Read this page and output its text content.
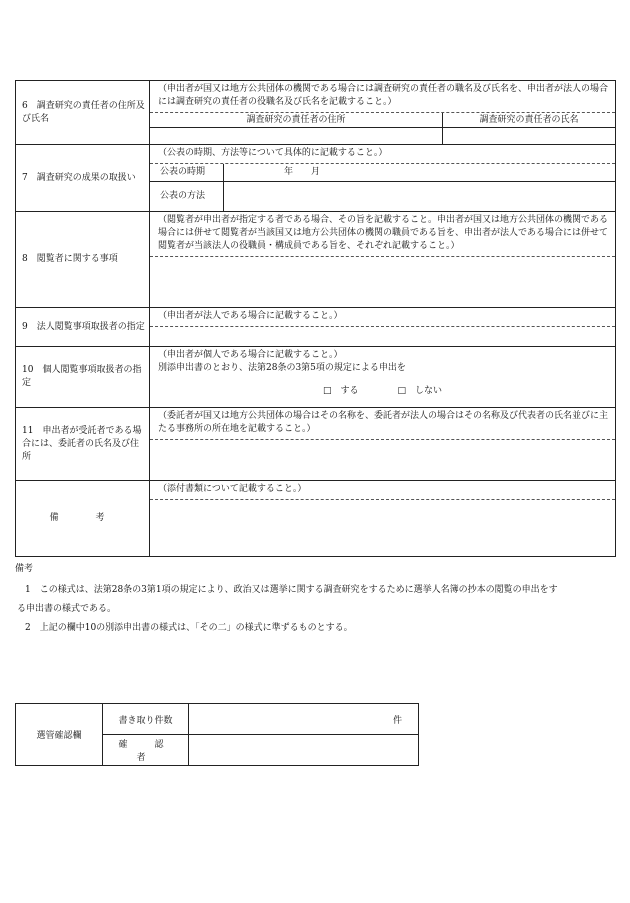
6　調査研究の責任者の住所及び氏名	（申出者が国又は地方公共団体の機関である場合には調査研究の責任者の職名及び氏名を、申出者が法人の場合には調査研究の責任者の役職名及び氏名を記載すること。）
調査研究の責任者の住所 調査研究の責任者の氏名

7　調査研究の成果の取扱い	（公表の時期、方法等について具体的に記載すること。）
公表の時期 年　　月
公表の方法

8　閲覧者に関する事項	（閲覧者が申出者が指定する者である場合、その旨を記載すること。申出者が国又は地方公共団体の機関である場合には併せて閲覧者が当該国又は地方公共団体の機関の職員である旨を、申出者が法人である場合には併せて閲覧者が当該法人の役職員・構成員である旨を、それぞれ記載すること。）

9　法人閲覧事項取扱者の指定	（申出者が法人である場合に記載すること。）

10　個人閲覧事項取扱者の指定	（申出者が個人である場合に記載すること。）
別添申出書のとおり、法第28条の3第5項の規定による申出を
□　する □　しない

11　申出者が受託者である場合には、委託者の氏名及び住所	（委託者が国又は地方公共団体の場合はその名称を、委託者が法人の場合はその名称及び代表者の氏名並びに主たる事務所の所在地を記載すること。）

備　考	（添付書類について記載すること。）
備考
1　この様式は、法第28条の3第1項の規定により、政治又は選挙に関する調査研究をするために選挙人名簿の抄本の閲覧の申出をす
る申出書の様式である。
2　上記の欄中10の別添申出書の様式は、「その二」の様式に準ずるものとする。
選管確認欄	書き取り件数	件
	確　認　者	
